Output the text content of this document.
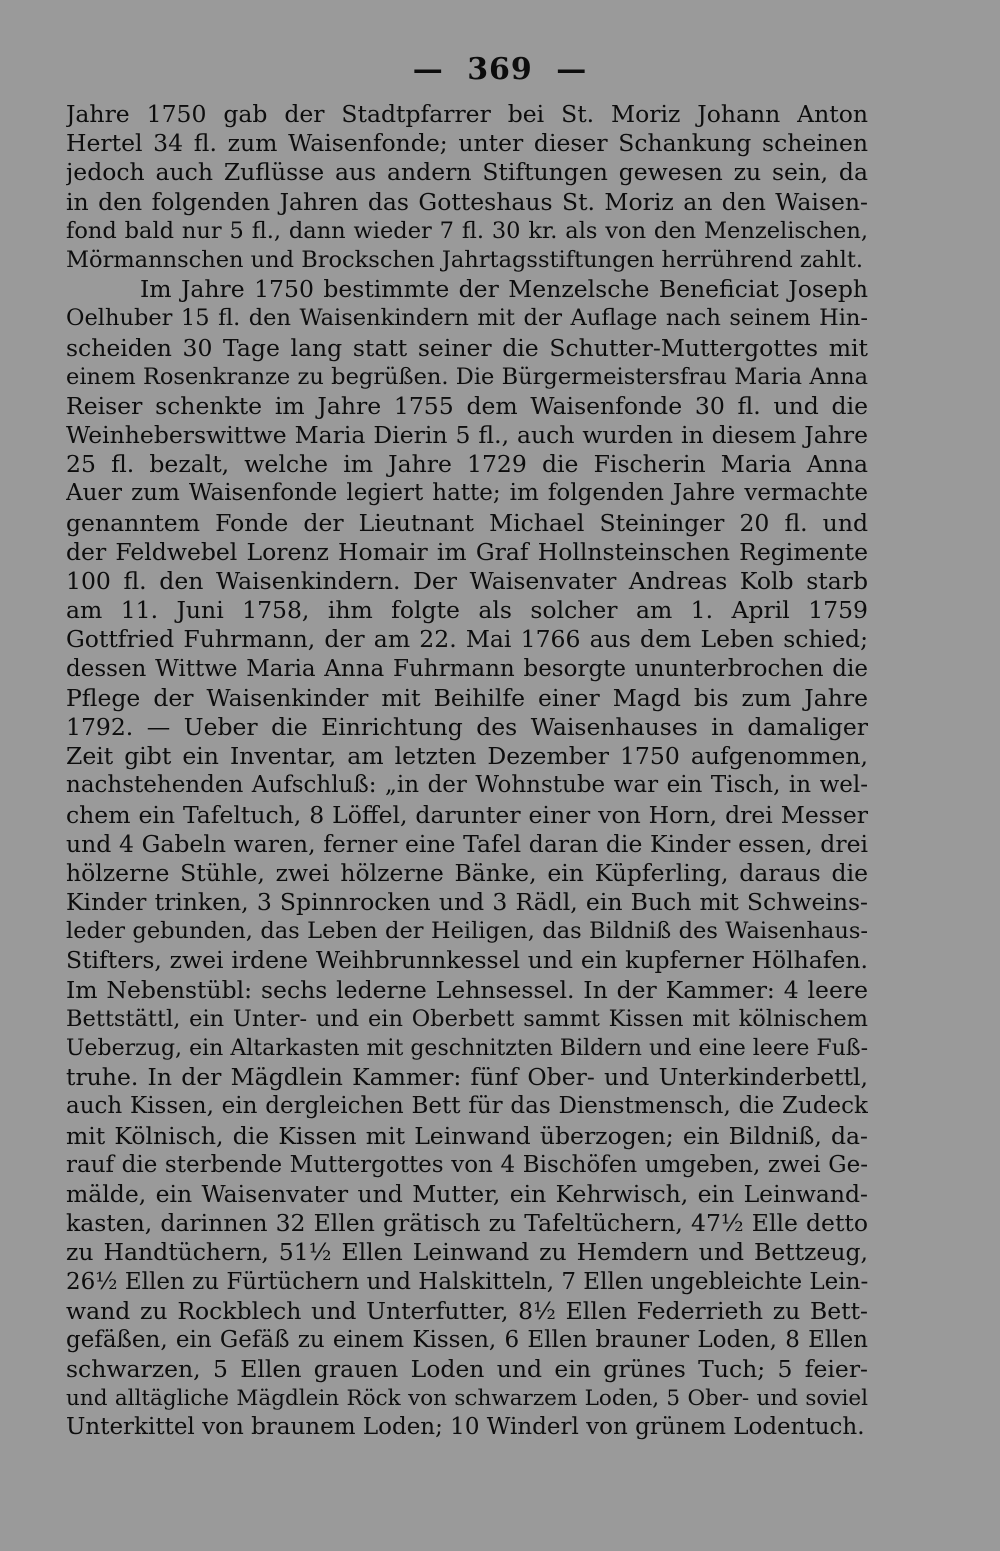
— 369 —
Jahre 1750 gab der Stadtpfarrer bei St. Moriz Johann Anton
Hertel 34 fl. zum Waisenfonde; unter dieser Schankung scheinen
jedoch auch Zuflüsse aus andern Stiftungen gewesen zu sein, da
in den folgenden Jahren das Gotteshaus St. Moriz an den Waisen-
fond bald nur 5 fl., dann wieder 7 fl. 30 kr. als von den Menzelischen,
Mörmannschen und Brockschen Jahrtagsstiftungen herrührend zahlt.
Im Jahre 1750 bestimmte der Menzelsche Beneficiat Joseph
Oelhuber 15 fl. den Waisenkindern mit der Auflage nach seinem Hin-
scheiden 30 Tage lang statt seiner die Schutter-Muttergottes mit
einem Rosenkranze zu begrüßen. Die Bürgermeistersfrau Maria Anna
Reiser schenkte im Jahre 1755 dem Waisenfonde 30 fl. und die
Weinheberswittwe Maria Dierin 5 fl., auch wurden in diesem Jahre
25 fl. bezalt, welche im Jahre 1729 die Fischerin Maria Anna
Auer zum Waisenfonde legiert hatte; im folgenden Jahre vermachte
genanntem Fonde der Lieutnant Michael Steininger 20 fl. und
der Feldwebel Lorenz Homair im Graf Hollnsteinschen Regimente
100 fl. den Waisenkindern. Der Waisenvater Andreas Kolb starb
am 11. Juni 1758, ihm folgte als solcher am 1. April 1759
Gottfried Fuhrmann, der am 22. Mai 1766 aus dem Leben schied;
dessen Wittwe Maria Anna Fuhrmann besorgte ununterbrochen die
Pflege der Waisenkinder mit Beihilfe einer Magd bis zum Jahre
1792. — Ueber die Einrichtung des Waisenhauses in damaliger
Zeit gibt ein Inventar, am letzten Dezember 1750 aufgenommen,
nachstehenden Aufschluß: „in der Wohnstube war ein Tisch, in wel-
chem ein Tafeltuch, 8 Löffel, darunter einer von Horn, drei Messer
und 4 Gabeln waren, ferner eine Tafel daran die Kinder essen, drei
hölzerne Stühle, zwei hölzerne Bänke, ein Küpferling, daraus die
Kinder trinken, 3 Spinnrocken und 3 Rädl, ein Buch mit Schweins-
leder gebunden, das Leben der Heiligen, das Bildniß des Waisenhaus-
Stifters, zwei irdene Weihbrunnkessel und ein kupferner Hölhafen.
Im Nebenstübl: sechs lederne Lehnsessel. In der Kammer: 4 leere
Bettstättl, ein Unter- und ein Oberbett sammt Kissen mit kölnischem
Ueberzug, ein Altarkasten mit geschnitzten Bildern und eine leere Fuß-
truhe. In der Mägdlein Kammer: fünf Ober- und Unterkinderbettl,
auch Kissen, ein dergleichen Bett für das Dienstmensch, die Zudeck
mit Kölnisch, die Kissen mit Leinwand überzogen; ein Bildniß, da-
rauf die sterbende Muttergottes von 4 Bischöfen umgeben, zwei Ge-
mälde, ein Waisenvater und Mutter, ein Kehrwisch, ein Leinwand-
kasten, darinnen 32 Ellen grätisch zu Tafeltüchern, 47½ Elle detto
zu Handtüchern, 51½ Ellen Leinwand zu Hemdern und Bettzeug,
26½ Ellen zu Fürtüchern und Halskitteln, 7 Ellen ungebleichte Lein-
wand zu Rockblech und Unterfutter, 8½ Ellen Federrieth zu Bett-
gefäßen, ein Gefäß zu einem Kissen, 6 Ellen brauner Loden, 8 Ellen
schwarzen, 5 Ellen grauen Loden und ein grünes Tuch; 5 feier-
und alltägliche Mägdlein Röck von schwarzem Loden, 5 Ober- und soviel
Unterkittel von braunem Loden; 10 Winderl von grünem Lodentuch.
